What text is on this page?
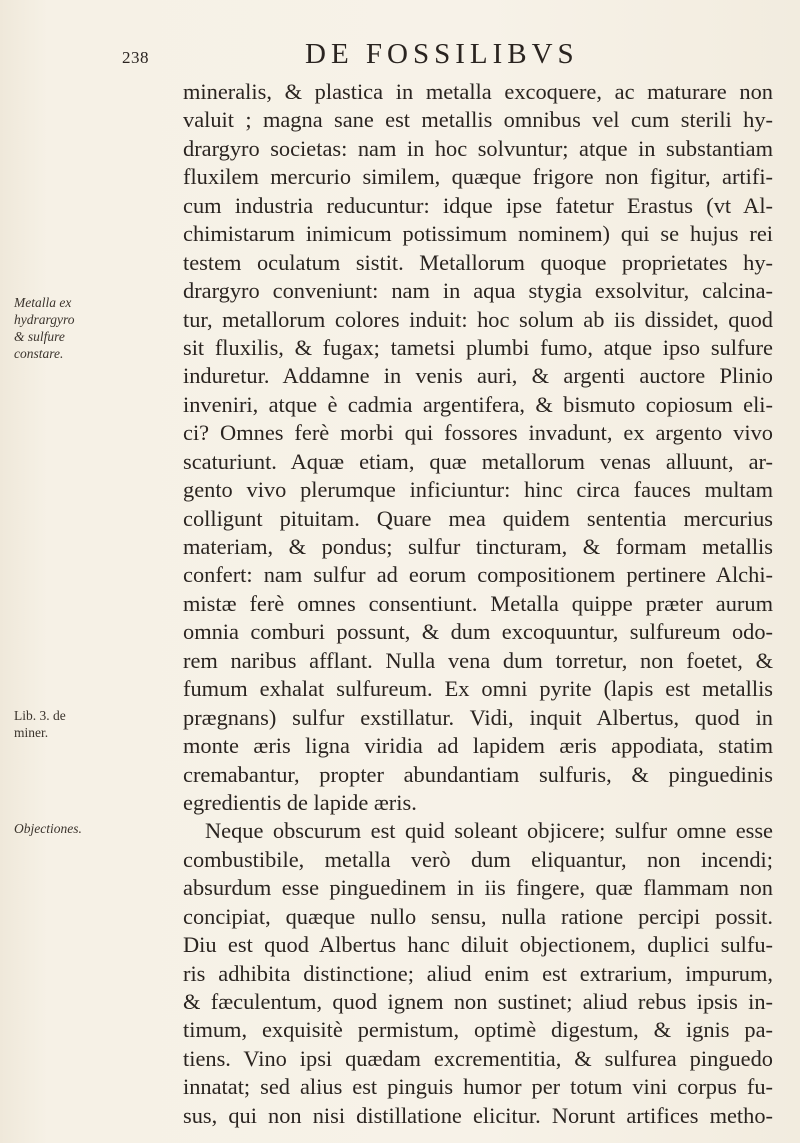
238	DE FOSSILIBVS
Metalla ex
hydrargyro
& sulfure
constare.
Lib. 3. de
miner.
Objectiones.
mineralis, & plastica in metalla excoquere, ac maturare non
valuit ; magna sane est metallis omnibus vel cum sterili hy-
drargyro societas: nam in hoc solvuntur; atque in substantiam
fluxilem mercurio similem, quæque frigore non figitur, artifi-
cum industria reducuntur: idque ipse fatetur Erastus (vt Al-
chimistarum inimicum potissimum nominem) qui se hujus rei
testem oculatum sistit. Metallorum quoque proprietates hy-
drargyro conveniunt: nam in aqua stygia exsolvitur, calcina-
tur, metallorum colores induit: hoc solum ab iis dissidet, quod
sit fluxilis, & fugax; tametsi plumbi fumo, atque ipso sulfure
induretur. Addamne in venis auri, & argenti auctore Plinio
inveniri, atque è cadmia argentifera, & bismuto copiosum eli-
ci? Omnes ferè morbi qui fossores invadunt, ex argento vivo
scaturiunt. Aquæ etiam, quæ metallorum venas alluunt, ar-
gento vivo plerumque inficiuntur: hinc circa fauces multam
colligunt pituitam. Quare mea quidem sententia mercurius
materiam, & pondus; sulfur tincturam, & formam metallis
confert: nam sulfur ad eorum compositionem pertinere Alchi-
mistæ ferè omnes consentiunt. Metalla quippe præter aurum
omnia comburi possunt, & dum excoquuntur, sulfureum odo-
rem naribus afflant. Nulla vena dum torretur, non foetet, &
fumum exhalat sulfureum. Ex omni pyrite (lapis est metallis
prægnans) sulfur exstillatur. Vidi, inquit Albertus, quod in
monte æris ligna viridia ad lapidem æris appodiata, statim
cremabantur, propter abundantiam sulfuris, & pinguedinis
egredientis de lapide æris.
Neque obscurum est quid soleant objicere; sulfur omne esse
combustibile, metalla verò dum eliquantur, non incendi;
absurdum esse pinguedinem in iis fingere, quæ flammam non
concipiat, quæque nullo sensu, nulla ratione percipi possit.
Diu est quod Albertus hanc diluit objectionem, duplici sulfu-
ris adhibita distinctione; aliud enim est extrarium, impurum,
& fæculentum, quod ignem non sustinet; aliud rebus ipsis in-
timum, exquisitè permistum, optimè digestum, & ignis pa-
tiens. Vino ipsi quædam excrementitia, & sulfurea pinguedo
innatat; sed alius est pinguis humor per totum vini corpus fu-
sus, qui non nisi distillatione elicitur. Norunt artifices metho-
